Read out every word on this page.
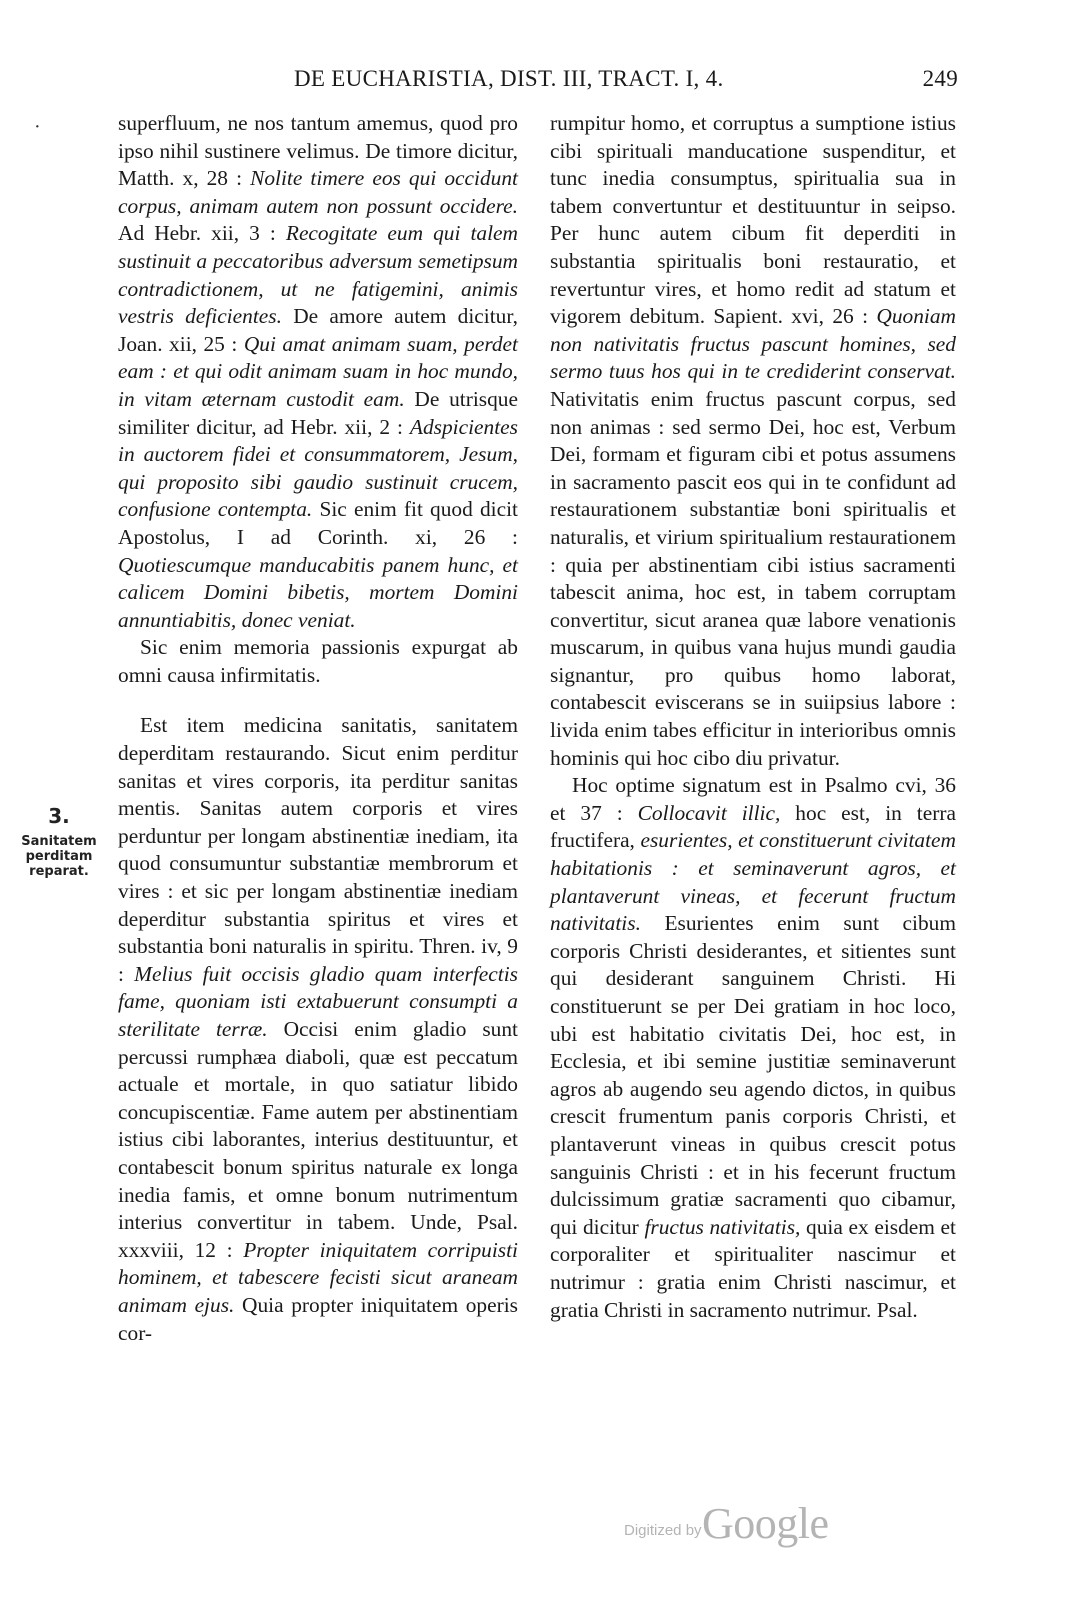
DE EUCHARISTIA, DIST. III, TRACT. I, 4.	249
·
3.
Sanitatem
perditam
reparat.

superfluum, ne nos tantum amemus, quod pro ipso nihil sustinere velimus. De timore dicitur, Matth. x, 28 : Nolite timere eos qui occidunt corpus, animam autem non possunt occidere. Ad Hebr. xii, 3 : Recogitate eum qui talem sustinuit a peccatoribus adversum semetipsum contradictionem, ut ne fatigemini, animis vestris deficientes. De amore autem dicitur, Joan. xii, 25 : Qui amat animam suam, perdet eam : et qui odit animam suam in hoc mundo, in vitam æternam custodit eam. De utrisque similiter dicitur, ad Hebr. xii, 2 : Adspicientes in auctorem fidei et consummatorem, Jesum, qui proposito sibi gaudio sustinuit crucem, confusione contempta. Sic enim fit quod dicit Apostolus, I ad Corinth. xi, 26 : Quotiescumque manducabitis panem hunc, et calicem Domini bibetis, mortem Domini annuntiabitis, donec veniat.

Sic enim memoria passionis expurgat ab omni causa infirmitatis.

Est item medicina sanitatis, sanitatem deperditam restaurando. Sicut enim perditur sanitas et vires corporis, ita perditur sanitas mentis. Sanitas autem corporis et vires perduntur per longam abstinentiæ inediam, ita quod consumuntur substantiæ membrorum et vires : et sic per longam abstinentiæ inediam deperditur substantia spiritus et vires et substantia boni naturalis in spiritu. Thren. iv, 9 : Melius fuit occisis gladio quam interfectis fame, quoniam isti extabuerunt consumpti a sterilitate terræ. Occisi enim gladio sunt percussi rumphæa diaboli, quæ est peccatum actuale et mortale, in quo satiatur libido concupiscentiæ. Fame autem per abstinentiam istius cibi laborantes, interius destituuntur, et contabescit bonum spiritus naturale ex longa inedia famis, et omne bonum nutrimentum interius convertitur in tabem. Unde, Psal. xxxviii, 12 : Propter iniquitatem corripuisti hominem, et tabescere fecisti sicut araneam animam ejus. Quia propter iniquitatem operis cor-

rumpitur homo, et corruptus a sumptione istius cibi spirituali manducatione suspenditur, et tunc inedia consumptus, spiritualia sua in tabem convertuntur et destituuntur in seipso. Per hunc autem cibum fit deperditi in substantia spiritualis boni restauratio, et revertuntur vires, et homo redit ad statum et vigorem debitum. Sapient. xvi, 26 : Quoniam non nativitatis fructus pascunt homines, sed sermo tuus hos qui in te crediderint conservat. Nativitatis enim fructus pascunt corpus, sed non animas : sed sermo Dei, hoc est, Verbum Dei, formam et figuram cibi et potus assumens in sacramento pascit eos qui in te confidunt ad restaurationem substantiæ boni spiritualis et naturalis, et virium spiritualium restaurationem : quia per abstinentiam cibi istius sacramenti tabescit anima, hoc est, in tabem corruptam convertitur, sicut aranea quæ labore venationis muscarum, in quibus vana hujus mundi gaudia signantur, pro quibus homo laborat, contabescit eviscerans se in suiipsius labore : livida enim tabes efficitur in interioribus omnis hominis qui hoc cibo diu privatur.

Hoc optime signatum est in Psalmo cvi, 36 et 37 : Collocavit illic, hoc est, in terra fructifera, esurientes, et constituerunt civitatem habitationis : et seminaverunt agros, et plantaverunt vineas, et fecerunt fructum nativitatis. Esurientes enim sunt cibum corporis Christi desiderantes, et sitientes sunt qui desiderant sanguinem Christi. Hi constituerunt se per Dei gratiam in hoc loco, ubi est habitatio civitatis Dei, hoc est, in Ecclesia, et ibi semine justitiæ seminaverunt agros ab augendo seu agendo dictos, in quibus crescit frumentum panis corporis Christi, et plantaverunt vineas in quibus crescit potus sanguinis Christi : et in his fecerunt fructum dulcissimum gratiæ sacramenti quo cibamur, qui dicitur fructus nativitatis, quia ex eisdem et corporaliter et spiritualiter nascimur et nutrimur : gratia enim Christi nascimur, et gratia Christi in sacramento nutrimur. Psal.

Digitized by Google
